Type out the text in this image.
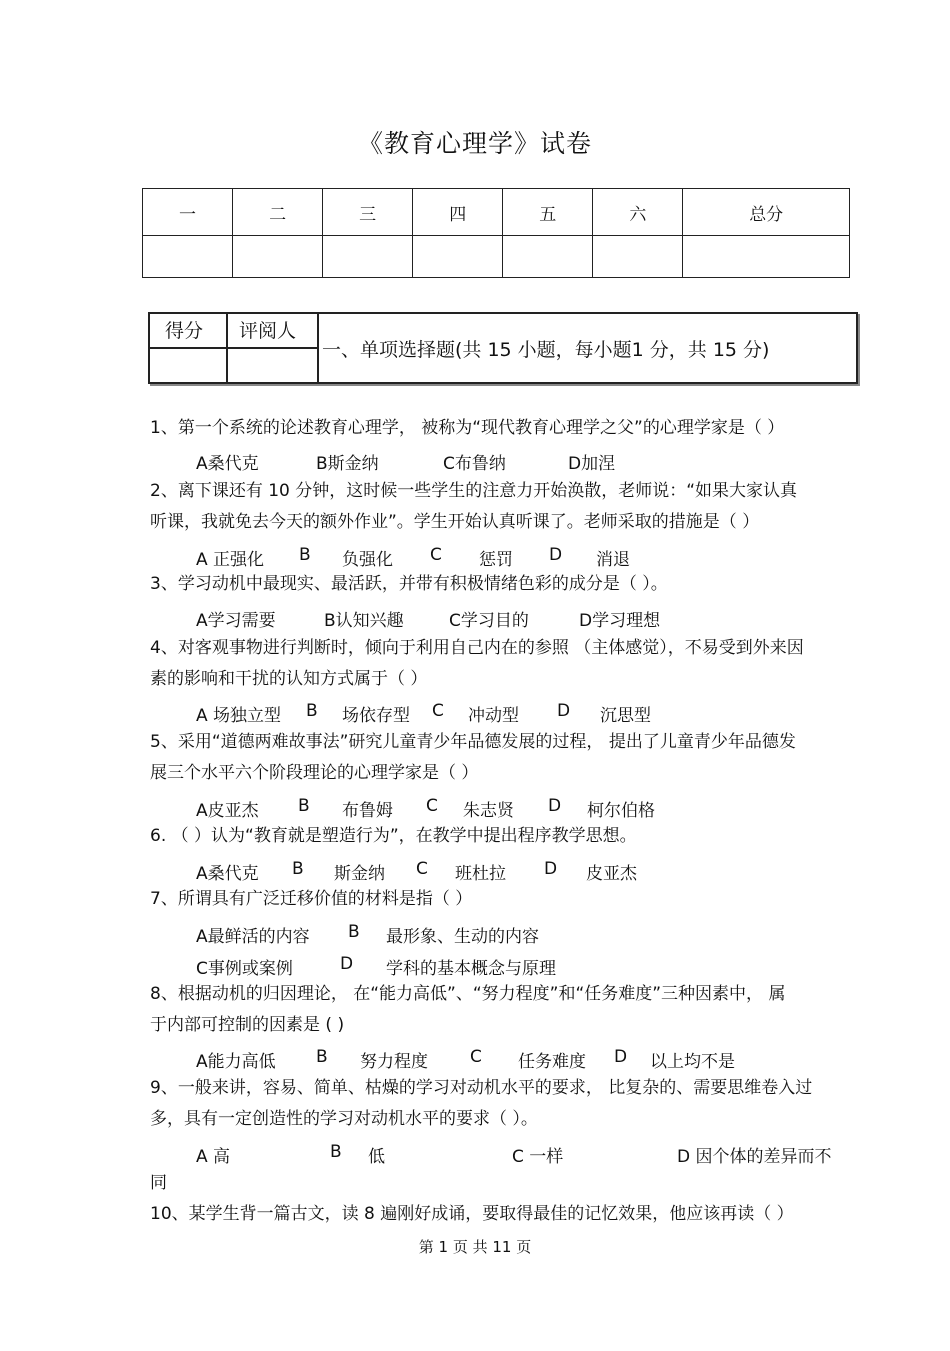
《教育心理学》试卷
一	二	三	四	五	六	总分

得分 评阅人
一、单项选择题(共 15 小题，每小题1 分，共 15 分)
1、第一个系统的论述教育心理学， 被称为“现代教育心理学之父”的心理学家是（ ）
A桑代克	B斯金纳	C布鲁纳	D加涅
2、离下课还有 10 分钟，这时候一些学生的注意力开始涣散，老师说：“如果大家认真
听课，我就免去今天的额外作业”。学生开始认真听课了。老师采取的措施是（ ）
A 正强化 B 负强化 C 惩罚 D 消退
3、学习动机中最现实、最活跃，并带有积极情绪色彩的成分是（ ）。
A学习需要	B认知兴趣	C学习目的	D学习理想
4、对客观事物进行判断时，倾向于利用自己内在的参照 （主体感觉），不易受到外来因
素的影响和干扰的认知方式属于（ ）
A 场独立型 B 场依存型 C 冲动型 D 沉思型
5、采用“道德两难故事法”研究儿童青少年品德发展的过程， 提出了儿童青少年品德发
展三个水平六个阶段理论的心理学家是（ ）
A皮亚杰 B 布鲁姆 C 朱志贤 D 柯尔伯格
6. （ ）认为“教育就是塑造行为”，在教学中提出程序教学思想。
A桑代克 B 斯金纳 C 班杜拉 D 皮亚杰
7、所谓具有广泛迁移价值的材料是指（ ）
A最鲜活的内容 B 最形象、生动的内容
C事例或案例	D 学科的基本概念与原理
8、根据动机的归因理论， 在“能力高低”、“努力程度”和“任务难度”三种因素中， 属
于内部可控制的因素是 ( )
A能力高低 B 努力程度 C 任务难度 D 以上均不是
9、一般来讲，容易、简单、枯燥的学习对动机水平的要求， 比复杂的、需要思维卷入过
多，具有一定创造性的学习对动机水平的要求（ ）。
A 高	B 低	C 一样	D 因个体的差异而不
同
10、某学生背一篇古文，读 8 遍刚好成诵，要取得最佳的记忆效果，他应该再读（ ）
第 1 页 共 11 页
